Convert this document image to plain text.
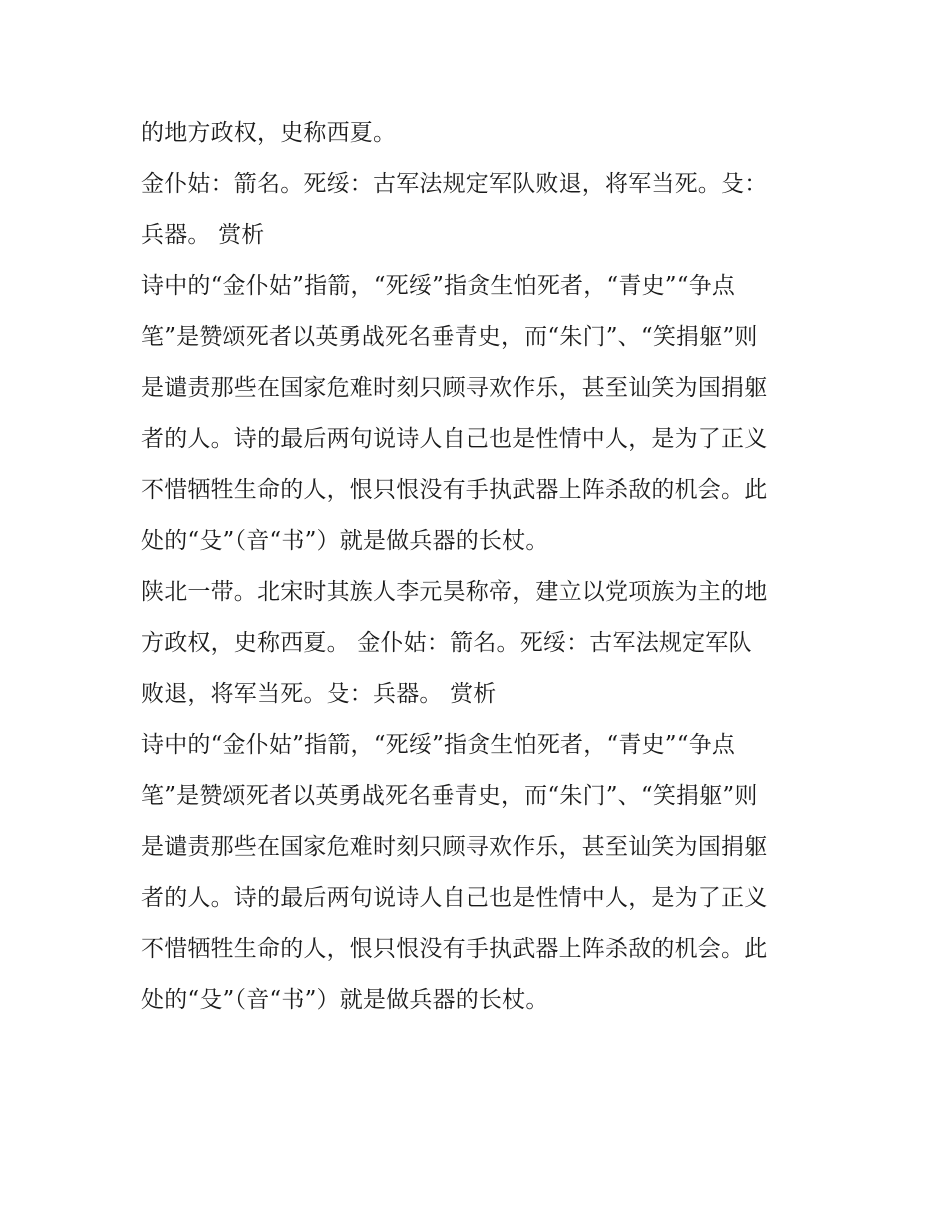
的地方政权，史称西夏。
金仆姑：箭名。死绥：古军法规定军队败退，将军当死。殳：
兵器。 赏析
诗中的“金仆姑”指箭，“死绥”指贪生怕死者，“青史”“争点
笔”是赞颂死者以英勇战死名垂青史，而“朱门”、“笑捐躯”则
是谴责那些在国家危难时刻只顾寻欢作乐，甚至讪笑为国捐躯
者的人。诗的最后两句说诗人自己也是性情中人，是为了正义
不惜牺牲生命的人，恨只恨没有手执武器上阵杀敌的机会。此
处的“殳”（音“书”）就是做兵器的长杖。
陕北一带。北宋时其族人李元昊称帝，建立以党项族为主的地
方政权，史称西夏。 金仆姑：箭名。死绥：古军法规定军队
败退，将军当死。殳：兵器。 赏析
诗中的“金仆姑”指箭，“死绥”指贪生怕死者，“青史”“争点
笔”是赞颂死者以英勇战死名垂青史，而“朱门”、“笑捐躯”则
是谴责那些在国家危难时刻只顾寻欢作乐，甚至讪笑为国捐躯
者的人。诗的最后两句说诗人自己也是性情中人，是为了正义
不惜牺牲生命的人，恨只恨没有手执武器上阵杀敌的机会。此
处的“殳”（音“书”）就是做兵器的长杖。
